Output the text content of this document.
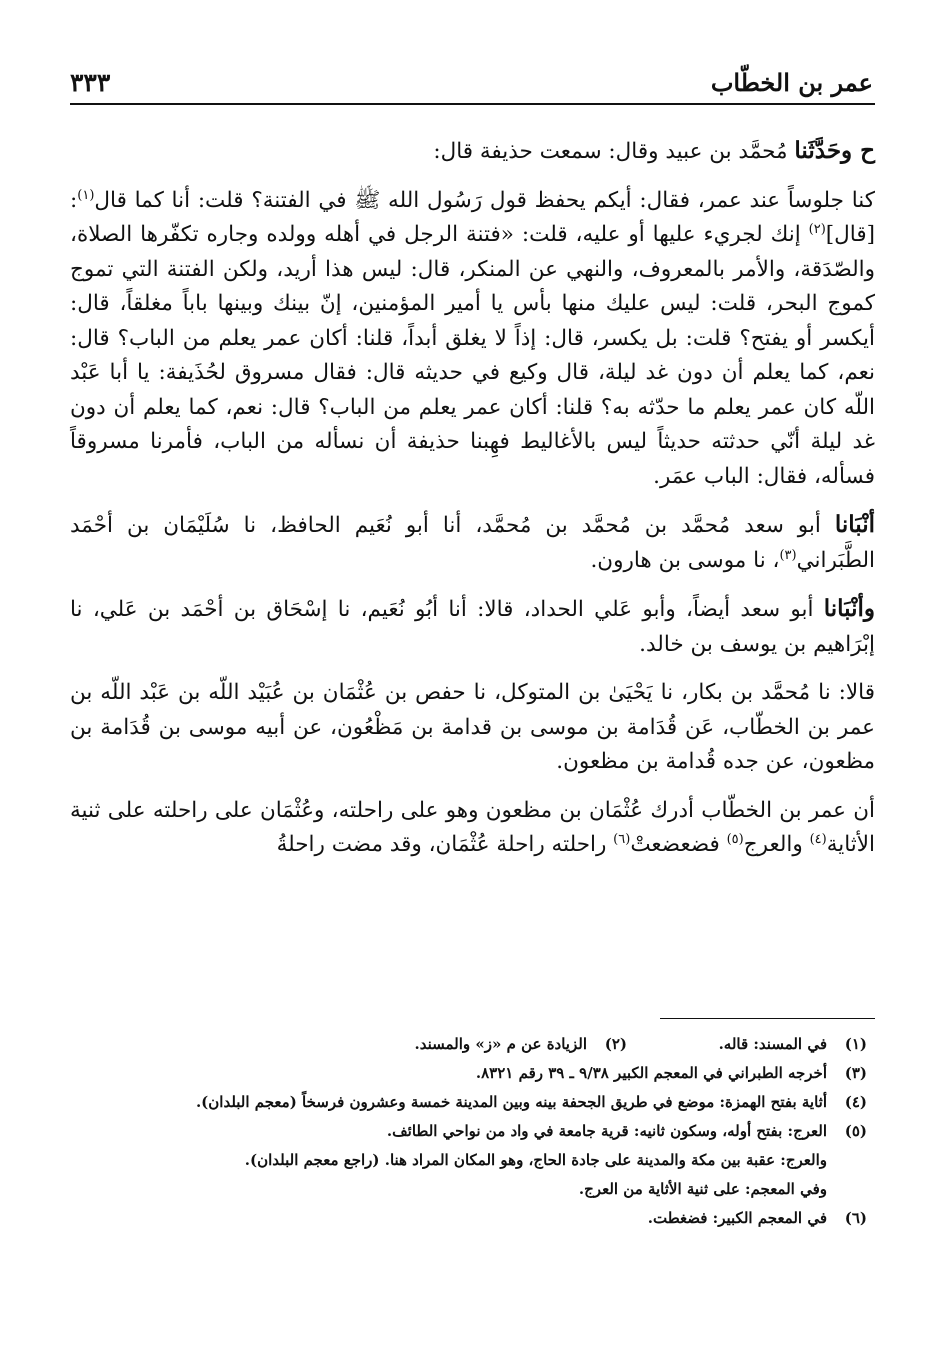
٣٣٣	عمر بن الخطّاب

ح وحَدَّثَنا مُحمَّد بن عبيد وقال: سمعت حذيفة قال:

كنا جلوساً عند عمر، فقال: أيكم يحفظ قول رَسُول الله ﷺ في الفتنة؟ قلت: أنا كما قال$^{(١)}$: [قال]$^{(٢)}$ إنك لجريء عليها أو عليه، قلت: «فتنة الرجل في أهله وولده وجاره تكفّرها الصلاة، والصّدَقة، والأمر بالمعروف، والنهي عن المنكر، قال: ليس هذا أريد، ولكن الفتنة التي تموج كموج البحر، قلت: ليس عليك منها بأس يا أمير المؤمنين، إنّ بينك وبينها باباً مغلقاً، قال: أيكسر أو يفتح؟ قلت: بل يكسر، قال: إذاً لا يغلق أبداً، قلنا: أكان عمر يعلم من الباب؟ قال: نعم، كما يعلم أن دون غد ليلة، قال وكيع في حديثه قال: فقال مسروق لحُذَيفة: يا أبا عَبْد اللّه كان عمر يعلم ما حدّثه به؟ قلنا: أكان عمر يعلم من الباب؟ قال: نعم، كما يعلم أن دون غد ليلة أنّي حدثته حديثاً ليس بالأغاليط فهِبنا حذيفة أن نسأله من الباب، فأمرنا مسروقاً فسأله، فقال: الباب عمَر.

أنْبَانا أبو سعد مُحمَّد بن مُحمَّد بن مُحمَّد، أنا أبو نُعَيم الحافظ، نا سُلَيْمَان بن أحْمَد الطَّبَراني$^{(٣)}$، نا موسى بن هارون.

وأنْبَانا أبو سعد أيضاً، وأبو عَلي الحداد، قالا: أنا أبُو نُعَيم، نا إسْحَاق بن أحْمَد بن عَلي، نا إبْرَاهيم بن يوسف بن خالد.

قالا: نا مُحمَّد بن بكار، نا يَحْيَىٰ بن المتوكل، نا حفص بن عُثْمَان بن عُبَيْد اللّه بن عَبْد اللّه بن عمر بن الخطّاب، عَن قُدَامة بن موسى بن قدامة بن مَظْعُون، عن أبيه موسى بن قُدَامة بن مظعون، عن جده قُدامة بن مظعون.

أن عمر بن الخطّاب أدرك عُثْمَان بن مظعون وهو على راحلته، وعُثْمَان على راحلته على ثنية الأثاية$^{(٤)}$ والعرج$^{(٥)}$ فضعضعتْ$^{(٦)}$ راحلته راحلة عُثْمَان، وقد مضت راحلةُ

(١)
في المسند: قاله.
(٢)
الزيادة عن م «ز» والمسند.
(٣)
أخرجه الطبراني في المعجم الكبير ٩/٣٨ ـ ٣٩ رقم ٨٣٢١.
(٤)
أثاية بفتح الهمزة: موضع في طريق الجحفة بينه وبين المدينة خمسة وعشرون فرسخاً (معجم البلدان).
(٥)
العرج: بفتح أوله، وسكون ثانيه: قرية جامعة في واد من نواحي الطائف.
والعرج: عقبة بين مكة والمدينة على جادة الحاج، وهو المكان المراد هنا. (راجع معجم البلدان).
وفي المعجم: على ثنية الأثاية من العرج.
(٦)
في المعجم الكبير: فضغطت.
